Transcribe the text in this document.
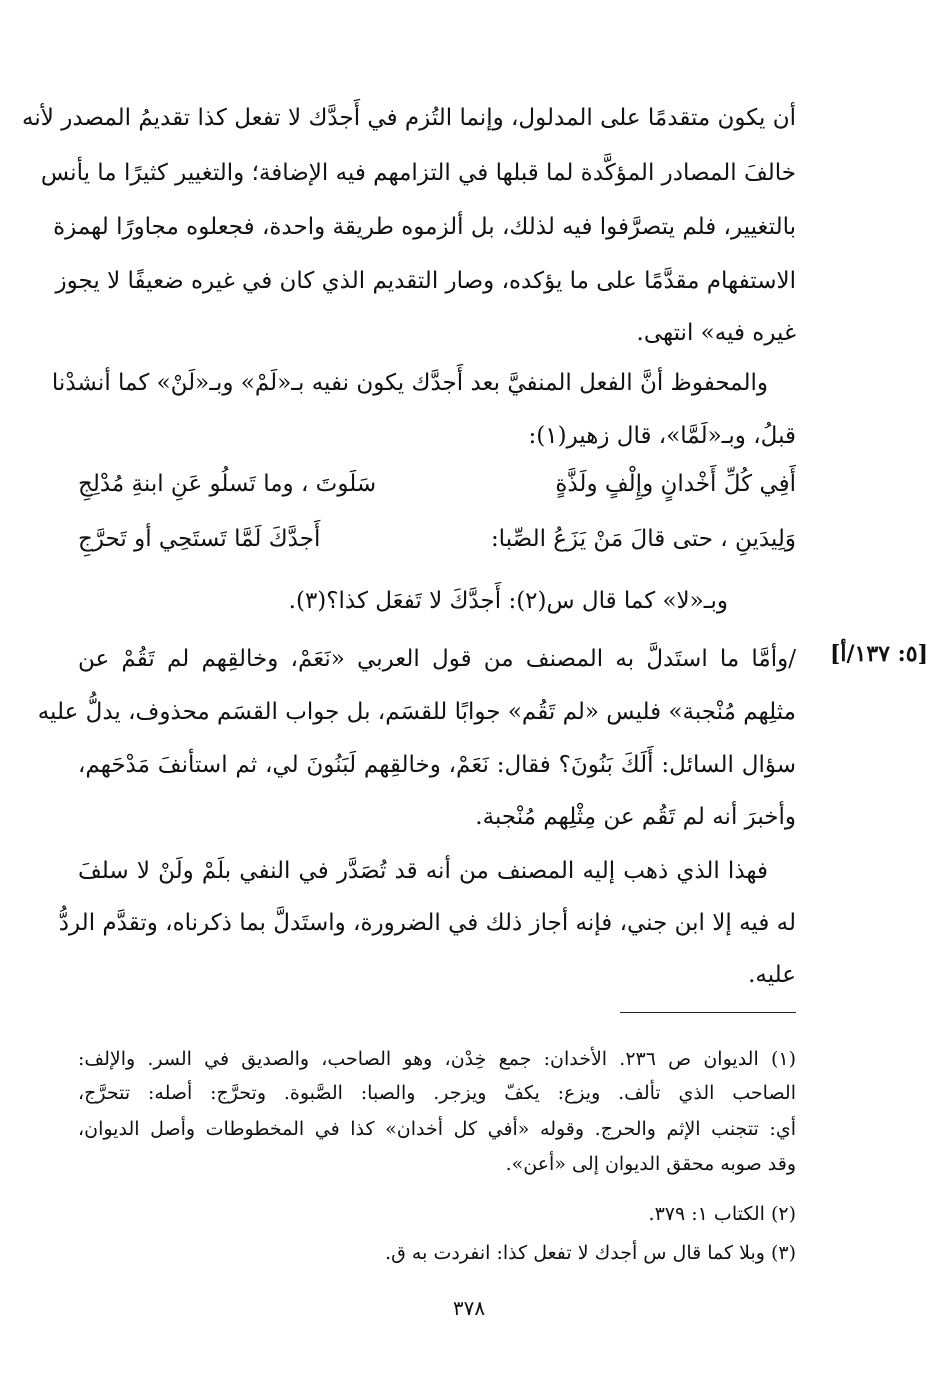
أن يكون متقدمًا على المدلول، وإنما التُزم في أَجدَّك لا تفعل كذا تقديمُ المصدر لأنه
خالفَ المصادر المؤكَّدة لما قبلها في التزامهم فيه الإضافة؛ والتغيير كثيرًا ما يأنس
بالتغيير، فلم يتصرَّفوا فيه لذلك، بل ألزموه طريقة واحدة، فجعلوه مجاورًا لهمزة
الاستفهام مقدَّمًا على ما يؤكده، وصار التقديم الذي كان في غيره ضعيفًا لا يجوز
غيره فيه» انتهى.
والمحفوظ أنَّ الفعل المنفيَّ بعد أَجدَّك يكون نفيه بـ«لَمْ» وبـ«لَنْ» كما أنشدْنا
قبلُ، وبـ«لَمَّا»، قال زهير(١):
أَفِي كُلِّ أَخْدانٍ وإِلْفٍ ولَذَّةٍ
سَلَوتَ ، وما تَسلُو عَنِ ابنةِ مُدْلِجِ
وَلِيدَينِ ، حتى قالَ مَنْ يَزَعُ الصِّبا:
أَجدَّكَ لَمَّا تَستَحِي أو تَحرَّجِ
وبـ«لا» كما قال س(٢): أَجدَّكَ لا تَفعَل كذا؟(٣).
[٥: ١٣٧/أ]
/وأمَّا ما استَدلَّ به المصنف من قول العربي «نَعَمْ، وخالقِهم لم تَقُمْ عن
مثلِهم مُنْجبة» فليس «لم تَقُم» جوابًا للقسَم، بل جواب القسَم محذوف، يدلُّ عليه
سؤال السائل: أَلَكَ بَنُونَ؟ فقال: نَعَمْ، وخالقِهم لَبَنُونَ لي، ثم استأنفَ مَدْحَهم،
وأخبرَ أنه لم تَقُم عن مِثْلِهم مُنْجبة.
فهذا الذي ذهب إليه المصنف من أنه قد تُصَدَّر في النفي بلَمْ ولَنْ لا سلفَ
له فيه إلا ابن جني، فإنه أجاز ذلك في الضرورة، واستَدلَّ بما ذكرناه، وتقدَّم الردُّ
عليه.
(١) الديوان ص ٢٣٦. الأخدان: جمع خِدْن، وهو الصاحب، والصديق في السر. والإلف:
الصاحب الذي تألف. ويزع: يكفّ ويزجر. والصبا: الصَّبوة. وتحرَّج: أصله: تتحرَّج،
أي: تتجنب الإثم والحرج. وقوله «أفي كل أخدان» كذا في المخطوطات وأصل الديوان،
وقد صوبه محقق الديوان إلى «أعن».
(٢) الكتاب ١: ٣٧٩.
(٣) وبلا كما قال س أجدك لا تفعل كذا: انفردت به ق.
٣٧٨
